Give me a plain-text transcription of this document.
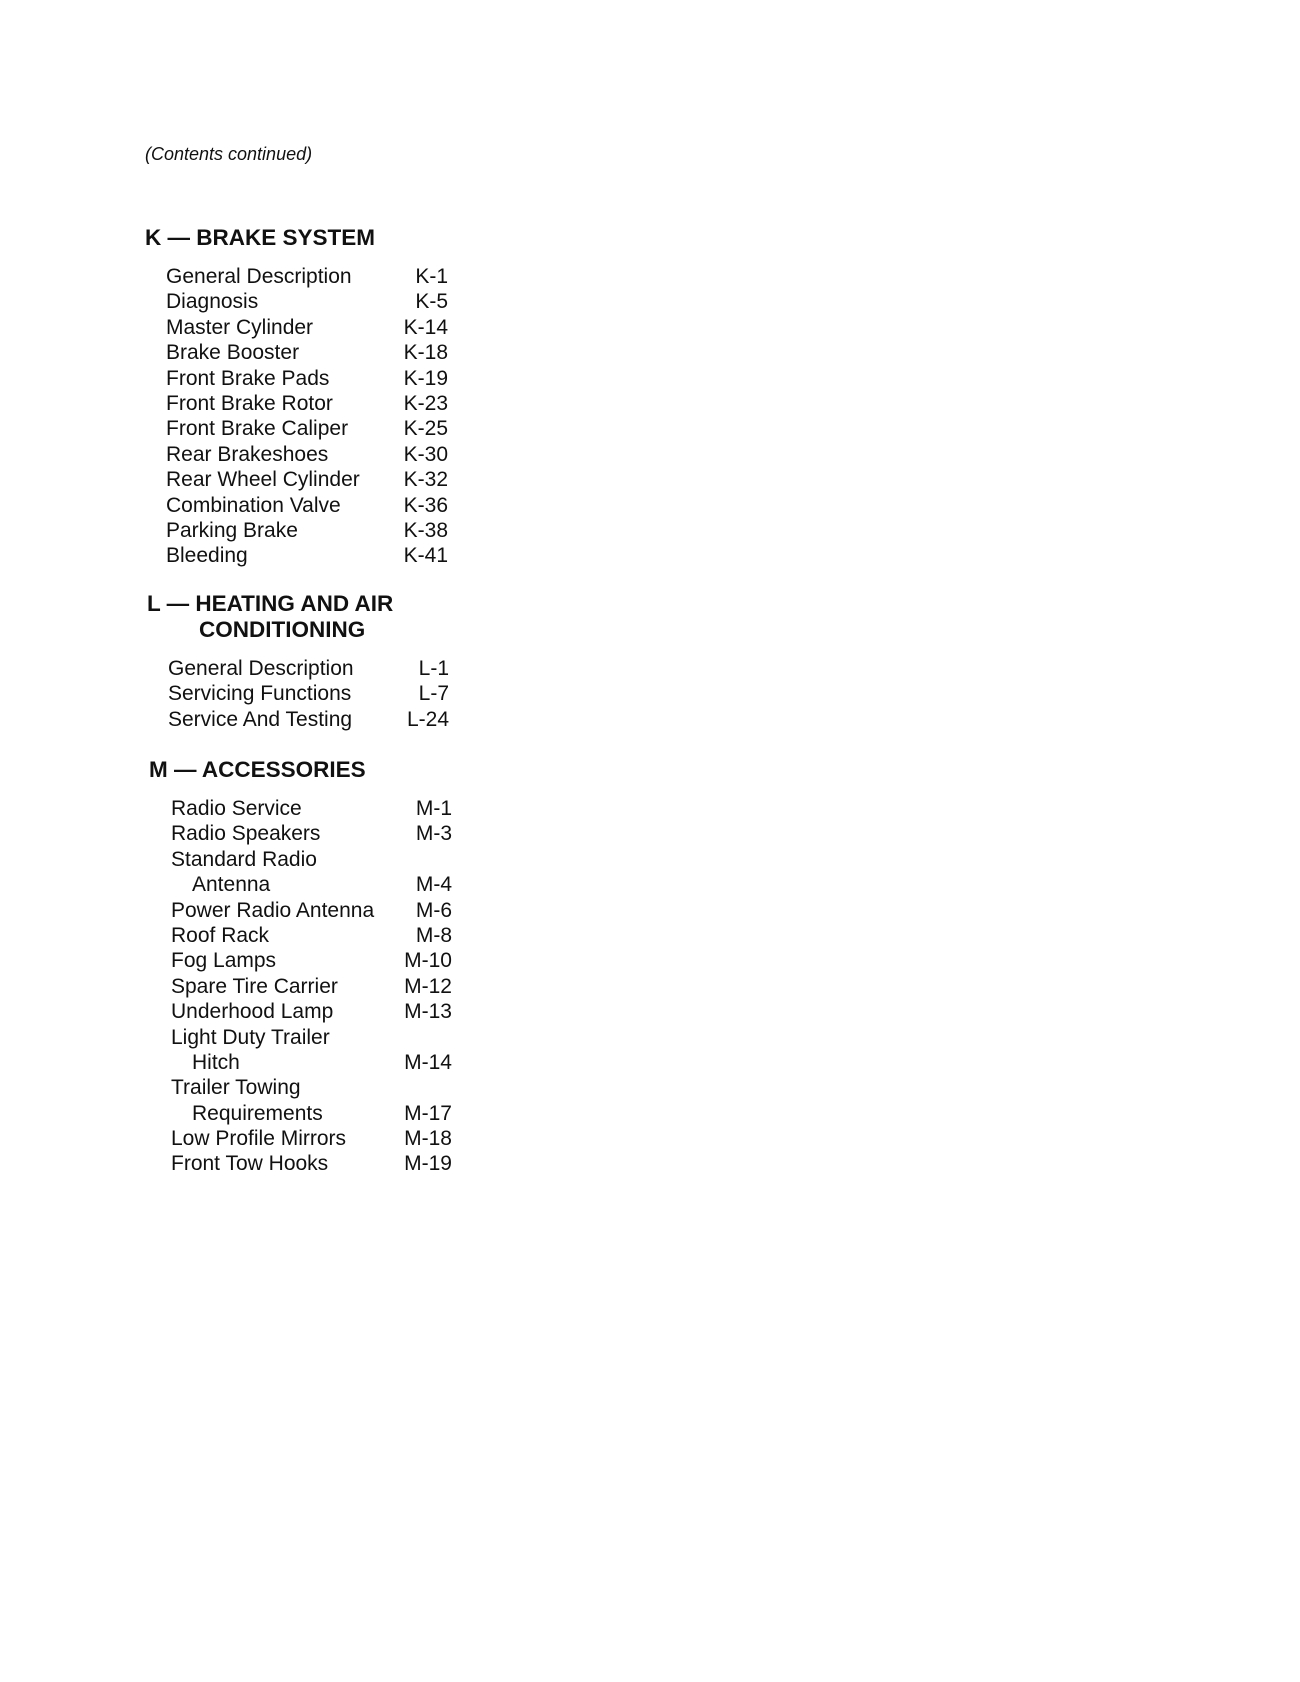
(Contents continued)
K — BRAKE SYSTEM
General Description	K-1
Diagnosis	K-5
Master Cylinder	K-14
Brake Booster	K-18
Front Brake Pads	K-19
Front Brake Rotor	K-23
Front Brake Caliper	K-25
Rear Brakeshoes	K-30
Rear Wheel Cylinder K-32
Combination Valve	K-36
Parking Brake	K-38
Bleeding	K-41
L — HEATING AND AIR
CONDITIONING
General Description	L-1
Servicing Functions	L-7
Service And Testing	L-24
M — ACCESSORIES
Radio Service	M-1
Radio Speakers	M-3
Standard Radio
Antenna	M-4
Power Radio Antenna M-6
Roof Rack	M-8
Fog Lamps	M-10
Spare Tire Carrier	M-12
Underhood Lamp	M-13
Light Duty Trailer
Hitch	M-14
Trailer Towing
Requirements	M-17
Low Profile Mirrors	M-18
Front Tow Hooks	M-19
